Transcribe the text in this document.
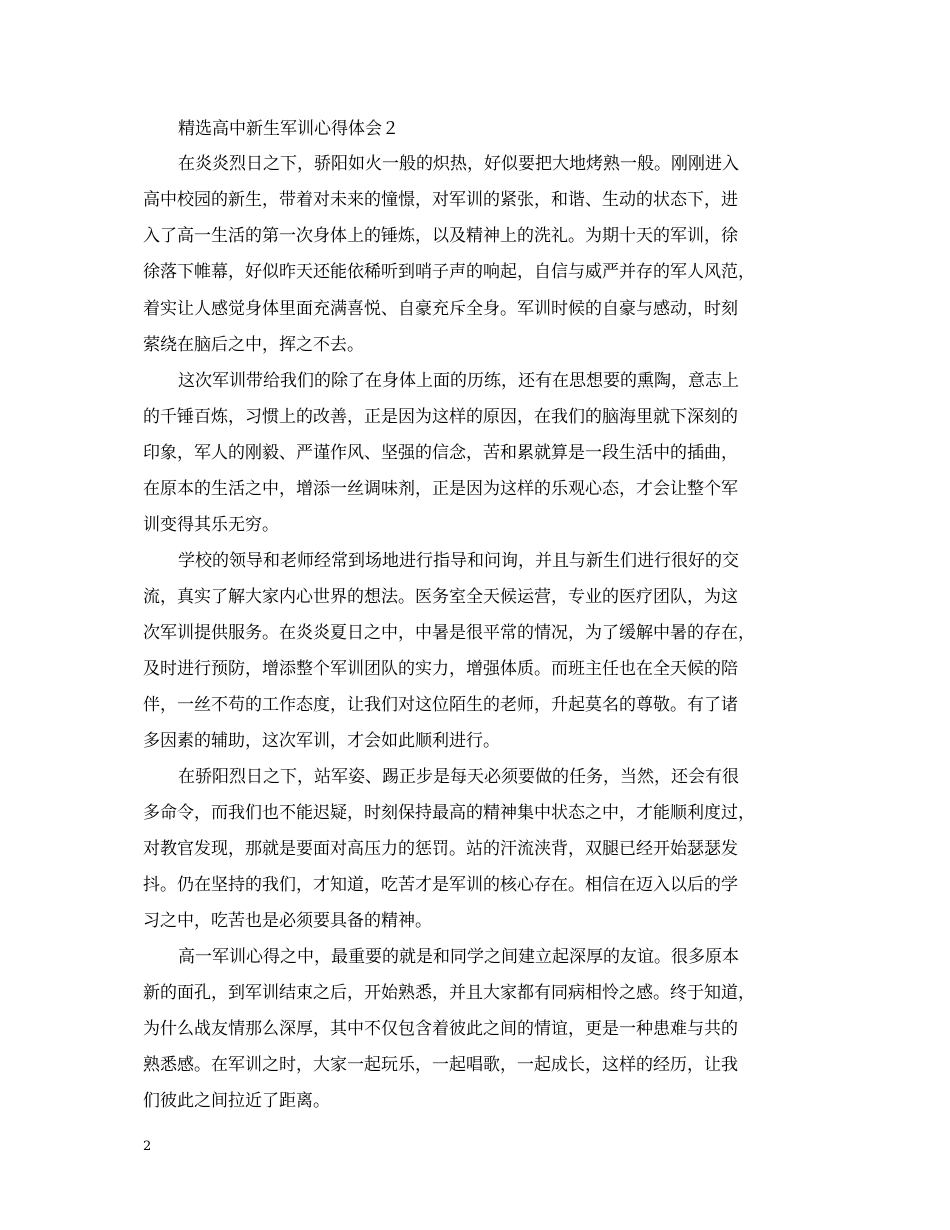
精选高中新生军训心得体会２

在炎炎烈日之下，骄阳如火一般的炽热，好似要把大地烤熟一般。刚刚进入

高中校园的新生，带着对未来的憧憬，对军训的紧张，和谐、生动的状态下，进

入了高一生活的第一次身体上的锤炼，以及精神上的洗礼。为期十天的军训，徐

徐落下帷幕，好似昨天还能依稀听到哨子声的响起，自信与威严并存的军人风范，

着实让人感觉身体里面充满喜悦、自豪充斥全身。军训时候的自豪与感动，时刻

萦绕在脑后之中，挥之不去。

这次军训带给我们的除了在身体上面的历练，还有在思想要的熏陶，意志上

的千锤百炼，习惯上的改善，正是因为这样的原因，在我们的脑海里就下深刻的

印象，军人的刚毅、严谨作风、坚强的信念，苦和累就算是一段生活中的插曲，

在原本的生活之中，增添一丝调味剂，正是因为这样的乐观心态，才会让整个军

训变得其乐无穷。

学校的领导和老师经常到场地进行指导和问询，并且与新生们进行很好的交

流，真实了解大家内心世界的想法。医务室全天候运营，专业的医疗团队，为这

次军训提供服务。在炎炎夏日之中，中暑是很平常的情况，为了缓解中暑的存在，

及时进行预防，增添整个军训团队的实力，增强体质。而班主任也在全天候的陪

伴，一丝不苟的工作态度，让我们对这位陌生的老师，升起莫名的尊敬。有了诸

多因素的辅助，这次军训，才会如此顺利进行。

在骄阳烈日之下，站军姿、踢正步是每天必须要做的任务，当然，还会有很

多命令，而我们也不能迟疑，时刻保持最高的精神集中状态之中，才能顺利度过，

对教官发现，那就是要面对高压力的惩罚。站的汗流浃背，双腿已经开始瑟瑟发

抖。仍在坚持的我们，才知道，吃苦才是军训的核心存在。相信在迈入以后的学

习之中，吃苦也是必须要具备的精神。

高一军训心得之中，最重要的就是和同学之间建立起深厚的友谊。很多原本

新的面孔，到军训结束之后，开始熟悉，并且大家都有同病相怜之感。终于知道，

为什么战友情那么深厚，其中不仅包含着彼此之间的情谊，更是一种患难与共的

熟悉感。在军训之时，大家一起玩乐，一起唱歌，一起成长，这样的经历，让我

们彼此之间拉近了距离。

2
